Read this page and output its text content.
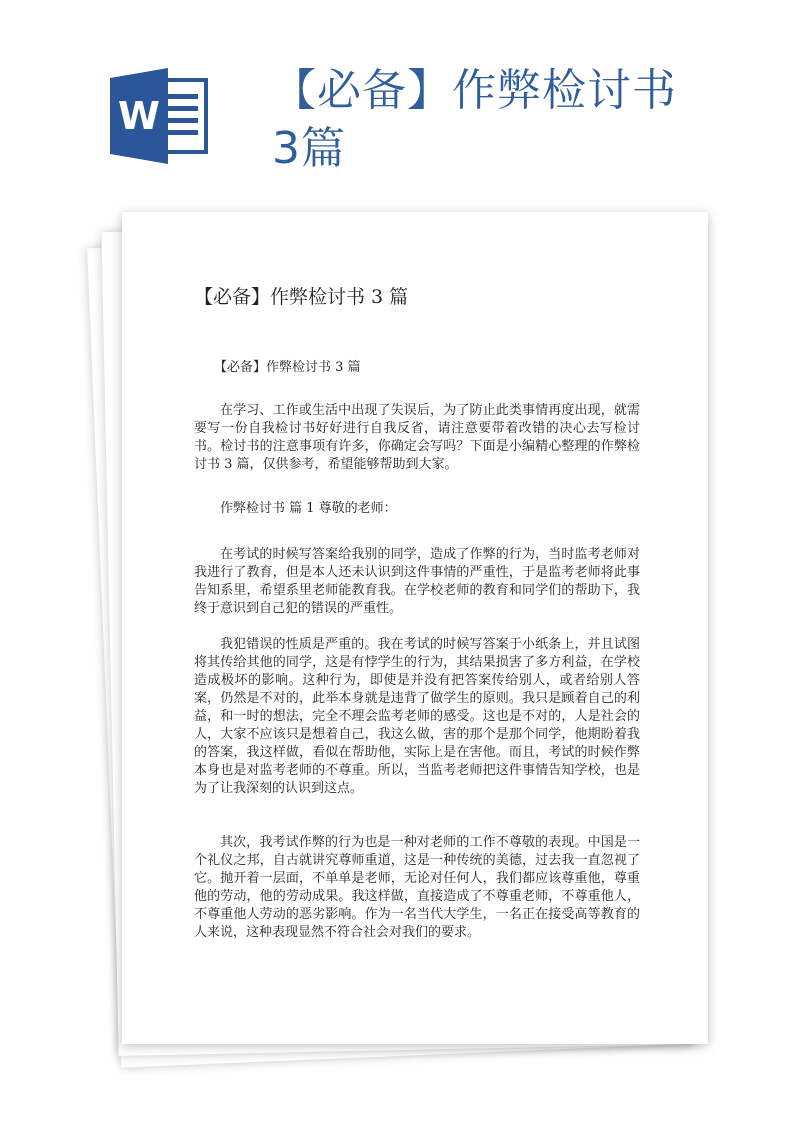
W	【必备】作弊检讨书3篇
【必备】作弊检讨书 3 篇
【必备】作弊检讨书 3 篇

在学习、工作或生活中出现了失误后，为了防止此类事情再度出现，就需要写一份自我检讨书好好进行自我反省，请注意要带着改错的决心去写检讨书。检讨书的注意事项有许多，你确定会写吗？下面是小编精心整理的作弊检讨书 3 篇，仅供参考，希望能够帮助到大家。

作弊检讨书 篇 1 尊敬的老师：

在考试的时候写答案给我别的同学，造成了作弊的行为，当时监考老师对我进行了教育，但是本人还未认识到这件事情的严重性，于是监考老师将此事告知系里，希望系里老师能教育我。在学校老师的教育和同学们的帮助下，我终于意识到自己犯的错误的严重性。

我犯错误的性质是严重的。我在考试的时候写答案于小纸条上，并且试图将其传给其他的同学，这是有悖学生的行为，其结果损害了多方利益，在学校造成极坏的影响。这种行为，即使是并没有把答案传给别人，或者给别人答案，仍然是不对的，此举本身就是违背了做学生的原则。我只是顾着自己的利益，和一时的想法，完全不理会监考老师的感受。这也是不对的，人是社会的人，大家不应该只是想着自己，我这么做，害的那个是那个同学，他期盼着我的答案，我这样做，看似在帮助他，实际上是在害他。而且，考试的时候作弊本身也是对监考老师的不尊重。所以，当监考老师把这件事情告知学校，也是为了让我深刻的认识到这点。

其次，我考试作弊的行为也是一种对老师的工作不尊敬的表现。中国是一个礼仪之邦，自古就讲究尊师重道，这是一种传统的美德，过去我一直忽视了它。抛开着一层面，不单单是老师，无论对任何人，我们都应该尊重他，尊重他的劳动，他的劳动成果。我这样做，直接造成了不尊重老师，不尊重他人，不尊重他人劳动的恶劣影响。作为一名当代大学生，一名正在接受高等教育的人来说，这种表现显然不符合社会对我们的要求。
